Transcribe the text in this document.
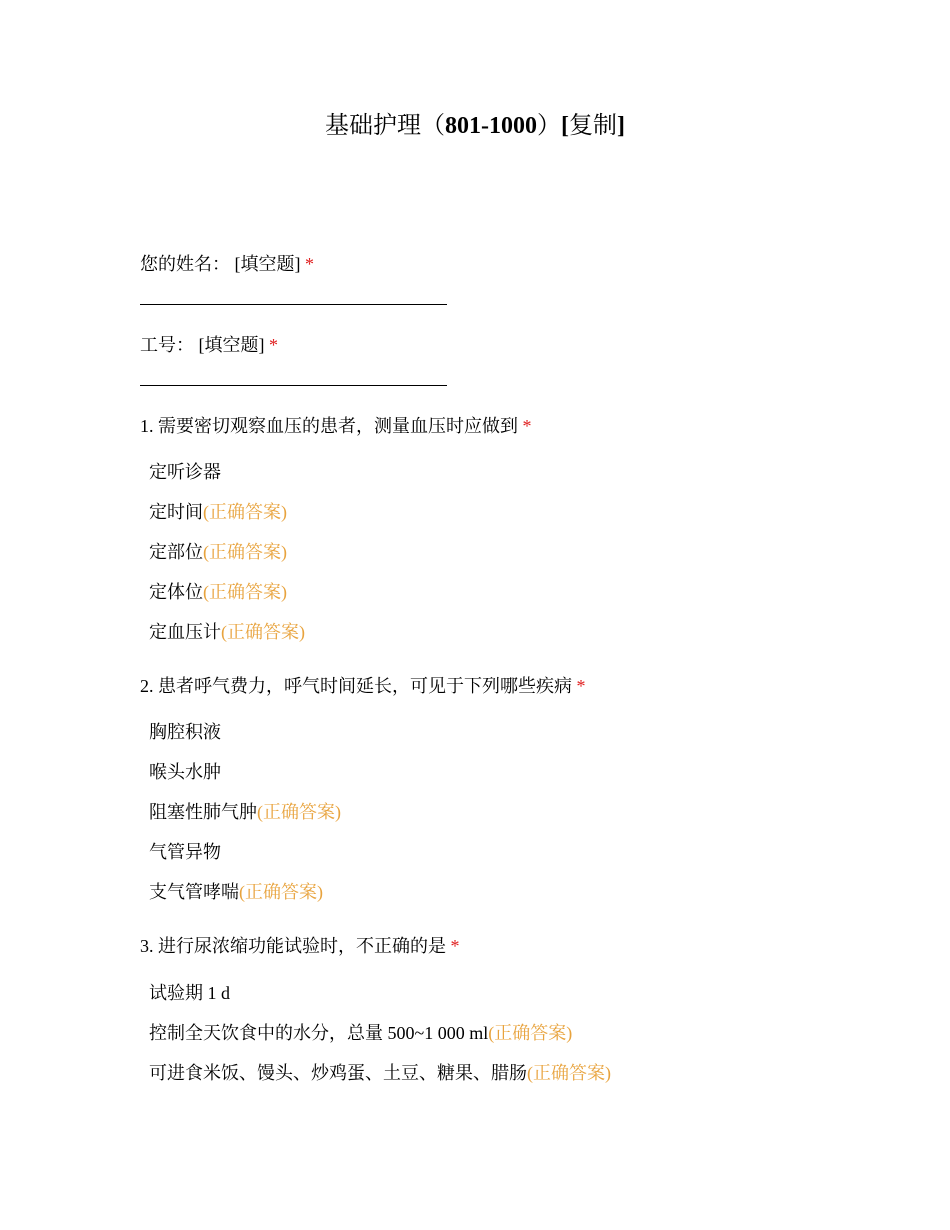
基础护理（801-1000）[复制]
您的姓名： [填空题] *
工号： [填空题] *
1. 需要密切观察血压的患者，测量血压时应做到 *
定听诊器
定时间(正确答案)
定部位(正确答案)
定体位(正确答案)
定血压计(正确答案)
2. 患者呼气费力，呼气时间延长，可见于下列哪些疾病 *
胸腔积液
喉头水肿
阻塞性肺气肿(正确答案)
气管异物
支气管哮喘(正确答案)
3. 进行尿浓缩功能试验时，不正确的是 *
试验期 1 d
控制全天饮食中的水分，总量 500~1 000 ml(正确答案)
可进食米饭、馒头、炒鸡蛋、土豆、糖果、腊肠(正确答案)
